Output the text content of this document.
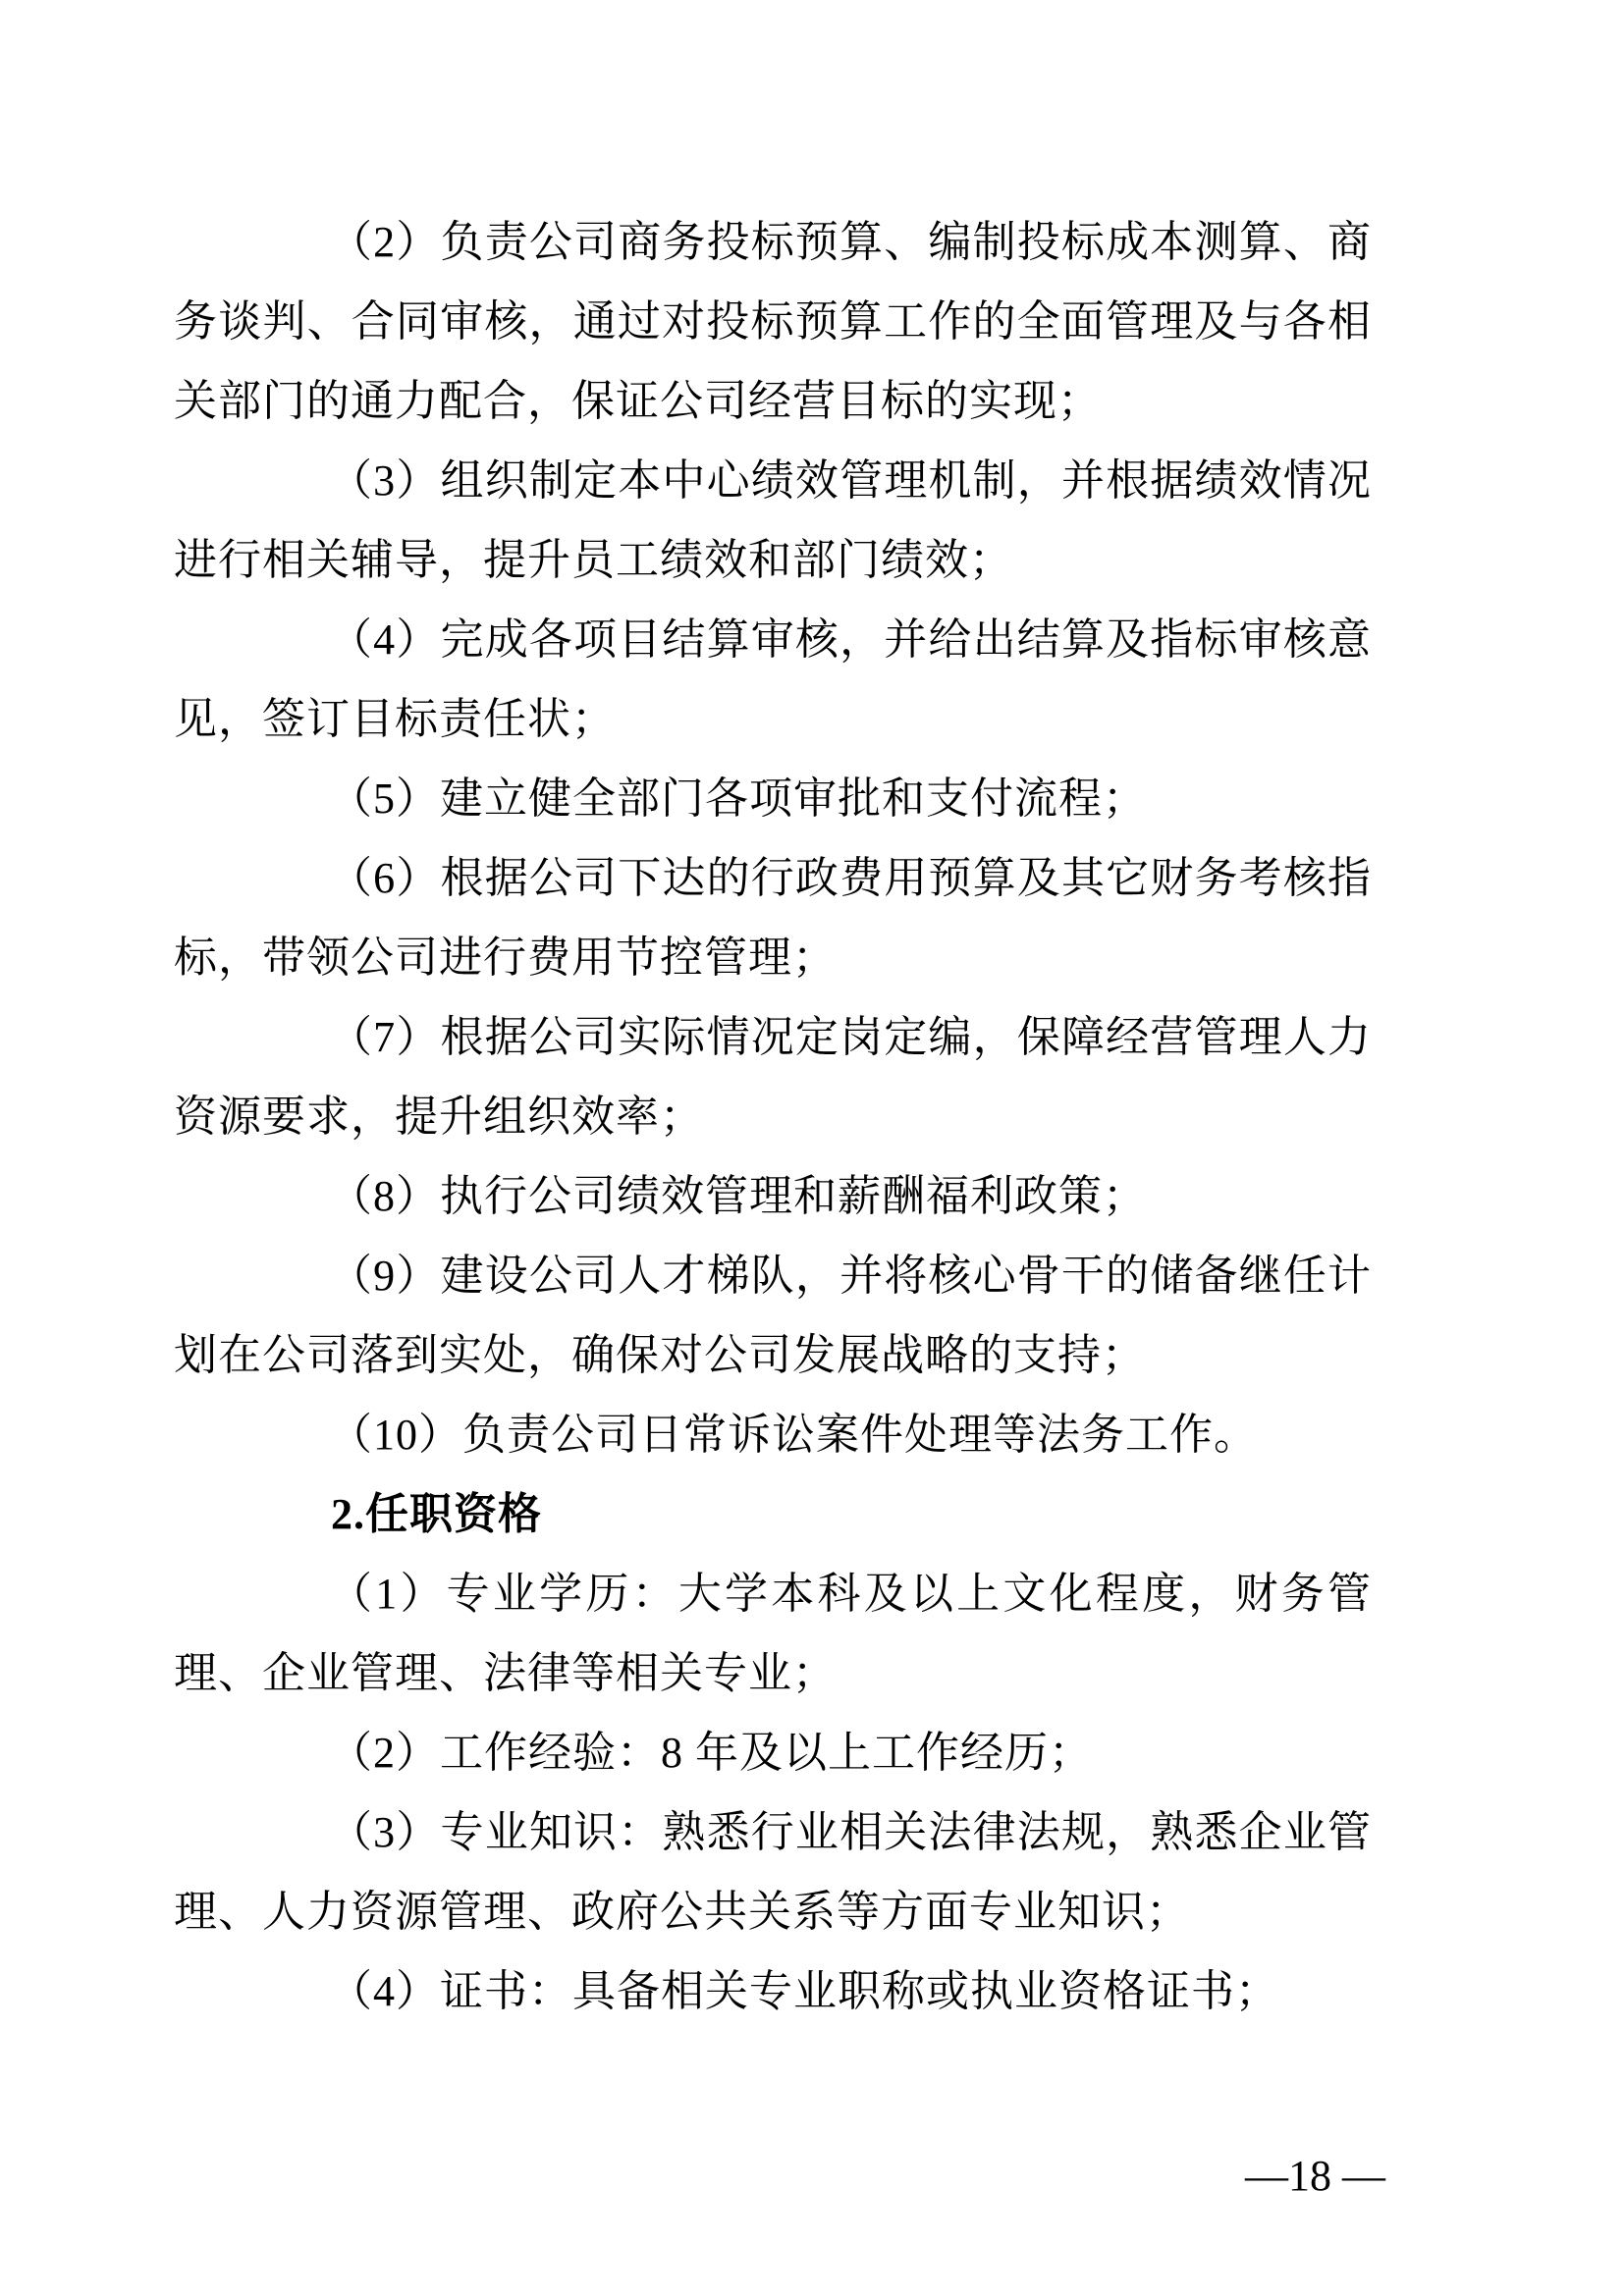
（2）负责公司商务投标预算、编制投标成本测算、商务谈判、合同审核，通过对投标预算工作的全面管理及与各相关部门的通力配合，保证公司经营目标的实现；

（3）组织制定本中心绩效管理机制，并根据绩效情况进行相关辅导，提升员工绩效和部门绩效；

（4）完成各项目结算审核，并给出结算及指标审核意见，签订目标责任状；

（5）建立健全部门各项审批和支付流程；

（6）根据公司下达的行政费用预算及其它财务考核指标，带领公司进行费用节控管理；

（7）根据公司实际情况定岗定编，保障经营管理人力资源要求，提升组织效率；

（8）执行公司绩效管理和薪酬福利政策；

（9）建设公司人才梯队，并将核心骨干的储备继任计划在公司落到实处，确保对公司发展战略的支持；

（10）负责公司日常诉讼案件处理等法务工作。

2.任职资格

（1）专业学历：大学本科及以上文化程度，财务管理、企业管理、法律等相关专业；

（2）工作经验：8 年及以上工作经历；

（3）专业知识：熟悉行业相关法律法规，熟悉企业管理、人力资源管理、政府公共关系等方面专业知识；

（4）证书：具备相关专业职称或执业资格证书；

—18 —
